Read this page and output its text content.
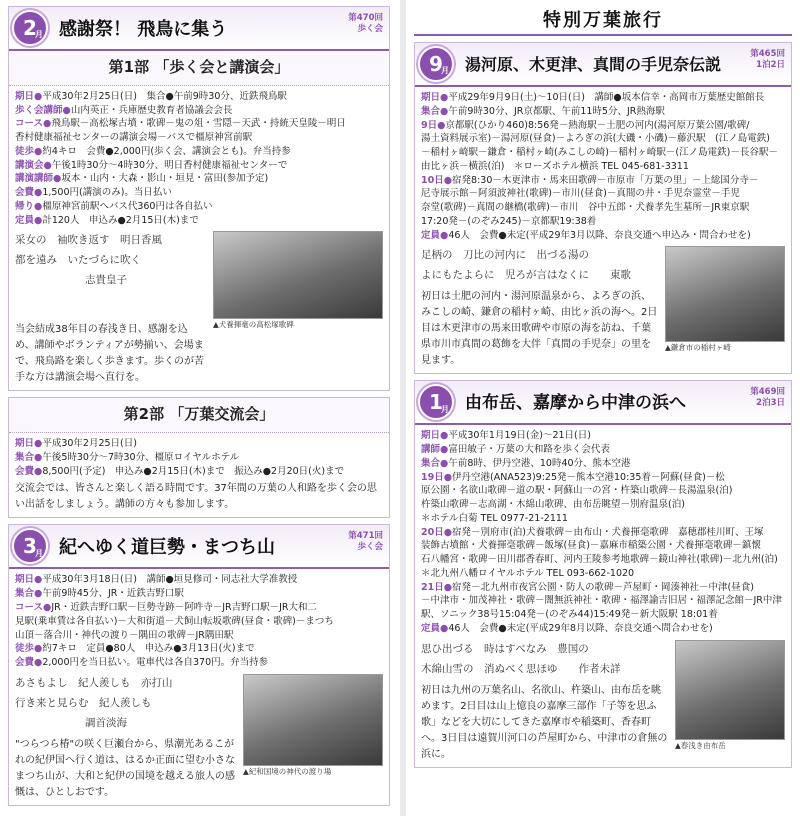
2
月 感謝祭！ 飛鳥に集う
第470回
歩く会
第1部 「歩く会と講演会」
期日●平成30年2月25日(日)　集合●午前9時30分、近鉄飛鳥駅
歩く会講師●山内英正・兵庫歴史教育者協議会会長
コース●飛鳥駅－高松塚古墳・歌碑－鬼の俎・雪隠－天武・持統天皇陵－明日
香村健康福祉センターの講演会場－バスで橿原神宮前駅
徒歩●約4キロ　会費●2,000円(歩く会、講演会とも)。弁当持参
講演会●午後1時30分～4時30分、明日香村健康福祉センターで
講演講師●坂本・山内・大森・影山・垣見・富田(参加予定)
会費●1,500円(講演のみ)。当日払い
帰り●橿原神宮前駅へバス代360円は各自払い
定員●計120人　申込み●2月15日(木)まで
采女の　袖吹き返す　明日香風
都を遠み　いたづらに吹く
志貴皇子
当会結成38年目の春浅き日、感謝を込め、講師やボランティアが勢揃い、会場まで、飛鳥路を楽しく歩きます。歩くのが苦手な方は講演会場へ直行を。
▲犬養揮毫の高松塚歌碑
第2部 「万葉交流会」
期日●平成30年2月25日(日)
集合●午後5時30分～7時30分、橿原ロイヤルホテル
会費●8,500円(予定)　申込み●2月15日(木)まで　振込み●2月20日(火)まで
交流会では、皆さんと楽しく語る時間です。37年間の万葉の人和路を歩く会の思い出話をしましょう。講師の方々も参加します。
3
月 紀へゆく道巨勢・まつち山
第471回
歩く会
期日●平成30年3月18日(日)　講師●垣見修司・同志社大学准教授
集合●午前9時45分、JR・近鉄吉野口駅
コース●JR・近鉄吉野口駅－巨勢寺跡－阿吽寺－JR吉野口駅－JR大和二
見駅(乗車賃は各自払い)－大和街道－犬飼山転坂歌碑(昼食・歌碑)－まつち
山頂－落合川・神代の渡り－隅田の歌碑－JR隅田駅
徒歩●約7キロ　定員●80人　申込み●3月13日(火)まで
会費●2,000円を当日払い。電車代は各自370円。弁当持参
あさもよし　紀人羨しも　亦打山
行き来と見らむ　紀人羨しも
調首淡海
"つらつら椿"の咲く巨瀬台から、県潮光あるこがれの紀伊国へ行く道は、はるか正面に望む小さなまつち山が、大和と紀伊の国境を越える旅人の感慨は、ひとしおです。
▲紀和国境の神代の渡り場
特別万葉旅行
9
月 湯河原、木更津、真間の手児奈伝説
第465回
1泊2日
期日●平成29年9月9日(土)～10日(日)　講師●坂本信幸・高岡市万葉歴史館館長
集合●午前9時30分、JR京都駅、午前11時5分、JR熱海駅
9日●京都駅(ひかり460)8:56発－熱海駅－土肥の河内(湯河原万葉公園/歌碑/
湯土資料展示室)－湯河原(昼食)－よろぎの浜(大磯・小磯)－藤沢駅　(江ノ島電鉄)
－稲村ヶ崎駅－鎌倉・稲村ヶ崎(みこしの崎)－稲村ヶ崎駅－(江ノ島電鉄)－長谷駅－
由比ヶ浜－横浜(泊)　＊ローズホテル横浜 TEL 045-681-3311
10日●宿発8:30－木更津市・馬来田歌碑－市原市「万葉の里」－上総国分寺－
尼寺展示館－阿須波神社(歌碑)－市川(昼食)－真間の井・手児奈霊堂－手児
奈堂(歌碑)－真間の継橋(歌碑)－市川　谷中五郎・犬養孝先生墓所－JR東京駅
17:20発－(のぞみ245)－京都駅19:38着
定員●46人　会費●未定(平成29年3月以降、奈良交通へ申込み・問合わせを)
足柄の　刀比の河内に　出づる湯の
よにもたよらに　児ろが言はなくに　　東歌
初日は土肥の河内・湯河原温泉から、よろぎの浜、みこしの崎、鎌倉の稲村ヶ崎、由比ヶ浜の海へ。2日目は木更津市の馬来田歌碑や市原の海を訪ね、千葉県市川市真間の葛飾を大伴「真間の手児奈」の里を見ます。
▲鎌倉市の稲村ヶ崎
1
月 由布岳、嘉摩から中津の浜へ
第469回
2泊3日
期日●平成30年1月19日(金)～21日(日)
講師●富田敏子・万葉の大和路を歩く会代表
集合●午前8時、伊丹空港、10時40分、熊本空港
19日●伊丹空港(ANA523)9:25発－熊本空港10:35着－阿蘇(昼食)－松
原公園・名欲山歌碑－道の駅・阿蘇山一の宮・杵築山歌碑－長湯温泉(泊)
杵築山歌碑－志高湖・木綿山歌碑、由布岳眺望－別府温泉(泊)
＊ホテル白菊 TEL 0977-21-2111
20日●宿発－別府市(泊)犬養歌碑－由布山・犬養揮毫歌碑　嘉穂郡桂川町、王塚
装飾古墳館・犬養揮毫歌碑－飯塚(昼食)－嘉麻市稲築公園・犬養揮毫歌碑－鎮懐
石八幡宮・歌碑－田川郡香春町、河内王陵参考地歌碑－鏡山神社(歌碑)－北九州(泊)
＊北九州八幡ロイヤルホテル TEL 093-662-1020
21日●宿発－北九州市夜宮公園・防人の歌碑－芦屋町・岡湊神社－中津(昼食)
－中津市・加茂神社・歌碑－闇無浜神社・歌碑・福澤諭吉旧居・福澤記念館－JR中津
駅、ソニック38号15:04発－(のぞみ44)15:49発－新大阪駅 18:01着
定員●46人　会費●未定(平成29年8月以降、奈良交通へ問合わせを)
思ひ出づる　時はすべなみ　豊国の
木綿山雪の　消ぬべく思ほゆ　　作者未詳
初日は九州の万葉名山、名欲山、杵築山、由布岳を眺めます。2日目は山上憶良の嘉摩三部作「子等を思ふ歌」などを大切にしてきた嘉摩市や稲築町、香春町へ。3日目は遠賀川河口の芦屋町から、中津市の倉無の浜に。
▲春浅き由布岳
